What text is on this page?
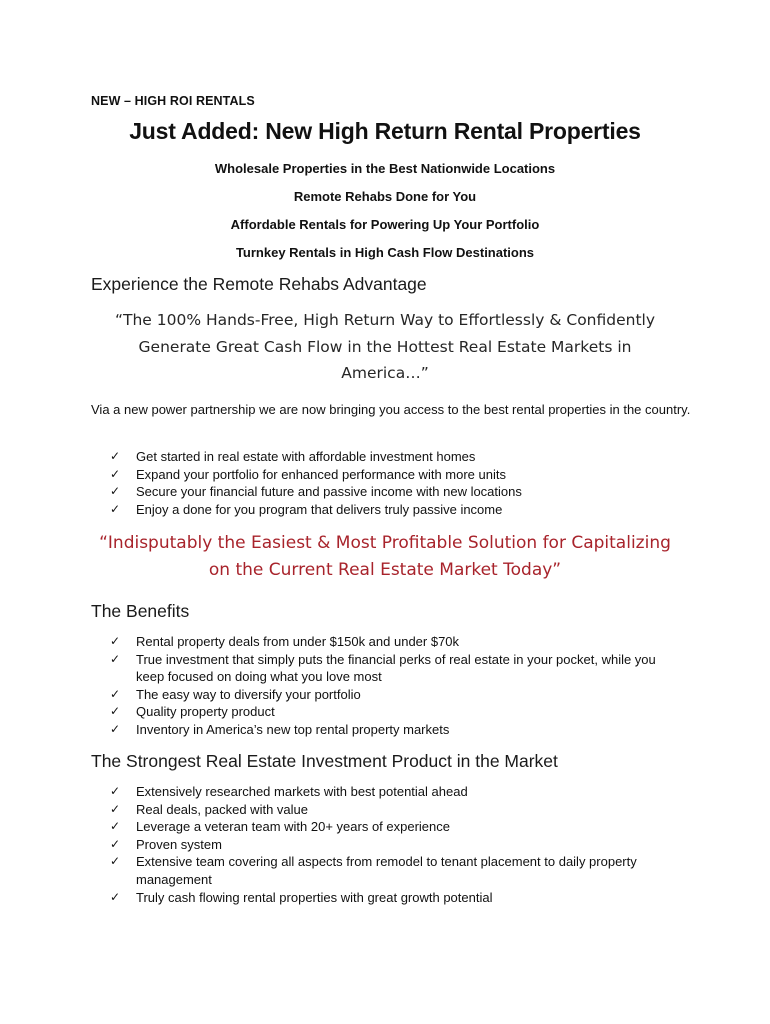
NEW – HIGH ROI RENTALS
Just Added: New High Return Rental Properties
Wholesale Properties in the Best Nationwide Locations
Remote Rehabs Done for You
Affordable Rentals for Powering Up Your Portfolio
Turnkey Rentals in High Cash Flow Destinations
Experience the Remote Rehabs Advantage
“The 100% Hands-Free, High Return Way to Effortlessly & Confidently Generate Great Cash Flow in the Hottest Real Estate Markets in America…”
Via a new power partnership we are now bringing you access to the best rental properties in the country.
✓	Get started in real estate with affordable investment homes
✓	Expand your portfolio for enhanced performance with more units
✓	Secure your financial future and passive income with new locations
✓	Enjoy a done for you program that delivers truly passive income
“Indisputably the Easiest & Most Profitable Solution for Capitalizing on the Current Real Estate Market Today”
The Benefits
✓	Rental property deals from under $150k and under $70k
✓	True investment that simply puts the financial perks of real estate in your pocket, while you keep focused on doing what you love most
✓	The easy way to diversify your portfolio
✓	Quality property product
✓	Inventory in America’s new top rental property markets
The Strongest Real Estate Investment Product in the Market
✓	Extensively researched markets with best potential ahead
✓	Real deals, packed with value
✓	Leverage a veteran team with 20+ years of experience
✓	Proven system
✓	Extensive team covering all aspects from remodel to tenant placement to daily property management
✓	Truly cash flowing rental properties with great growth potential
